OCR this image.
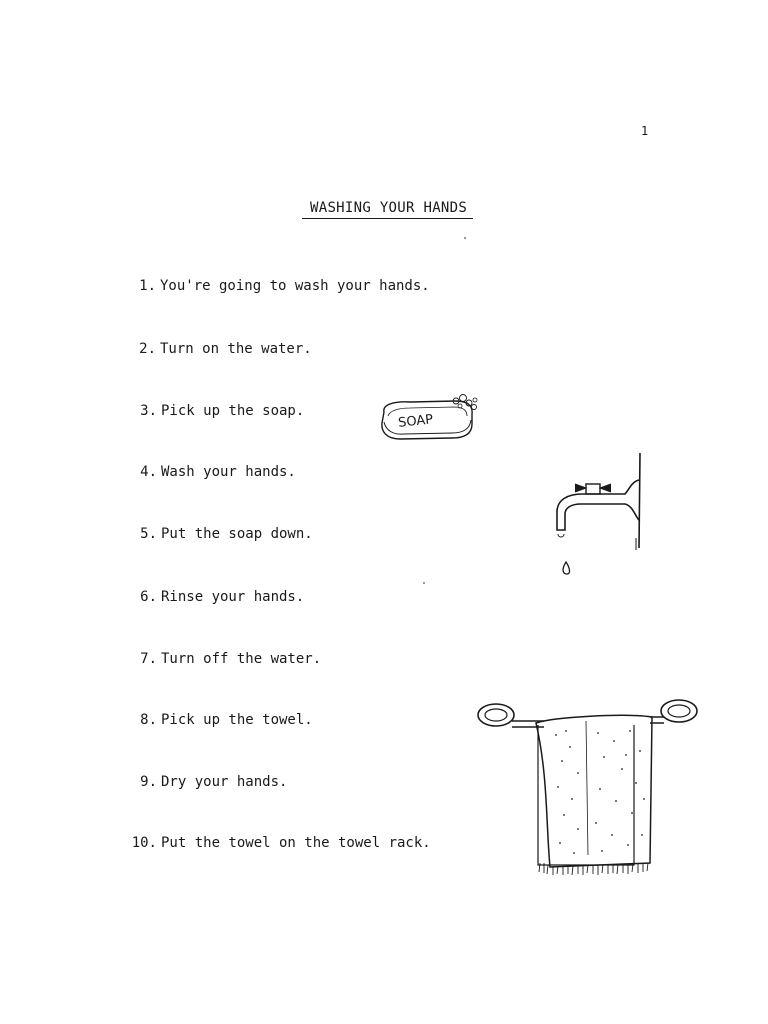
1
WASHING YOUR HANDS
1. You're going to wash your hands.
2. Turn on the water.
3. Pick up the soap.
4. Wash your hands.
5. Put the soap down.
6. Rinse your hands.
7. Turn off the water.
8. Pick up the towel.
9. Dry your hands.
10. Put the towel on the towel rack.
SOAP
